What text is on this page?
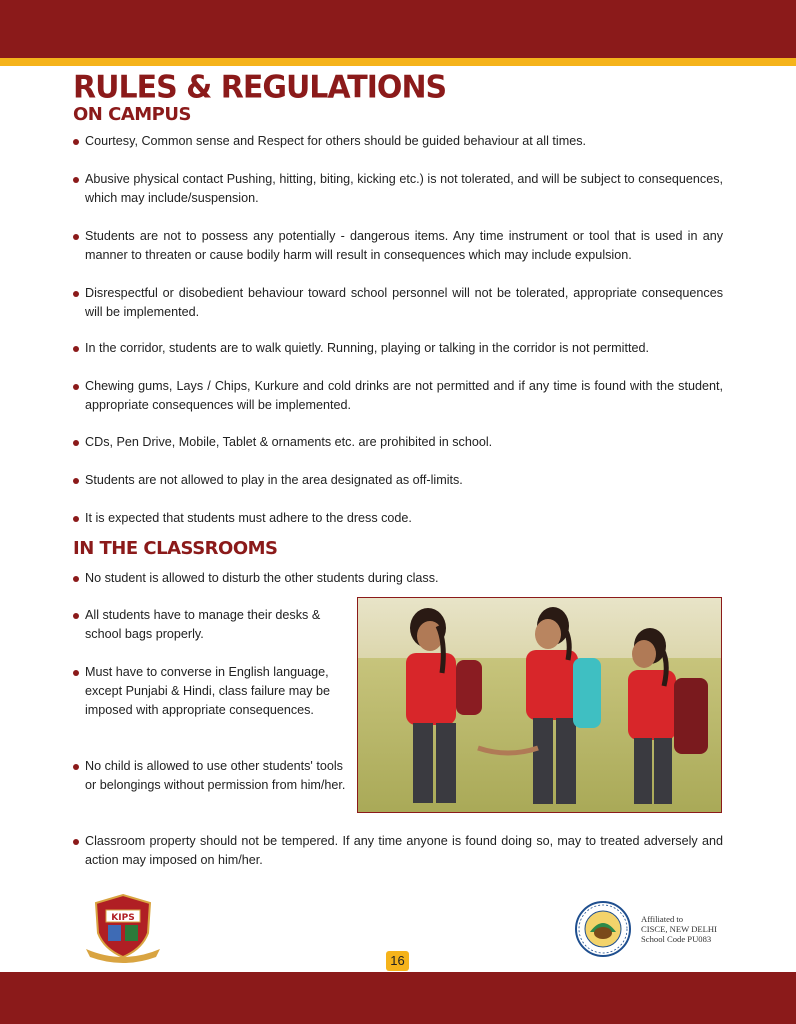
RULES & REGULATIONS
ON CAMPUS

Courtesy, Common sense and Respect for others should be guided behaviour at all times.

Abusive physical contact Pushing, hitting, biting, kicking etc.) is not tolerated, and will be subject to consequences, which may include/suspension.

Students are not to possess any potentially - dangerous items. Any time instrument or tool that is used in any manner to threaten or cause bodily harm will result in consequences which may include expulsion.

Disrespectful or disobedient behaviour toward school personnel will not be tolerated, appropriate consequences will be implemented.

In the corridor, students are to walk quietly. Running, playing or talking in the corridor is not permitted.

Chewing gums, Lays / Chips, Kurkure and cold drinks are not permitted and if any time is found with the student, appropriate consequences will be implemented.

CDs, Pen Drive, Mobile, Tablet & ornaments etc. are prohibited in school.

Students are not allowed to play in the area designated as off-limits.

It is expected that students must adhere to the dress code.

IN THE CLASSROOMS

No student is allowed to disturb the other students during class.

All students have to manage their desks & school bags properly.

Must have to converse in English language, except Punjabi & Hindi, class failure may be imposed with appropriate consequences.

No child is allowed to use other students' tools or belongings without permission from him/her.

Classroom property should not be tempered. If any time anyone is found doing so, may to treated adversely and action may imposed on him/her.

KIPS	Affiliated to
CISCE, NEW DELHI
School Code PU083
16
